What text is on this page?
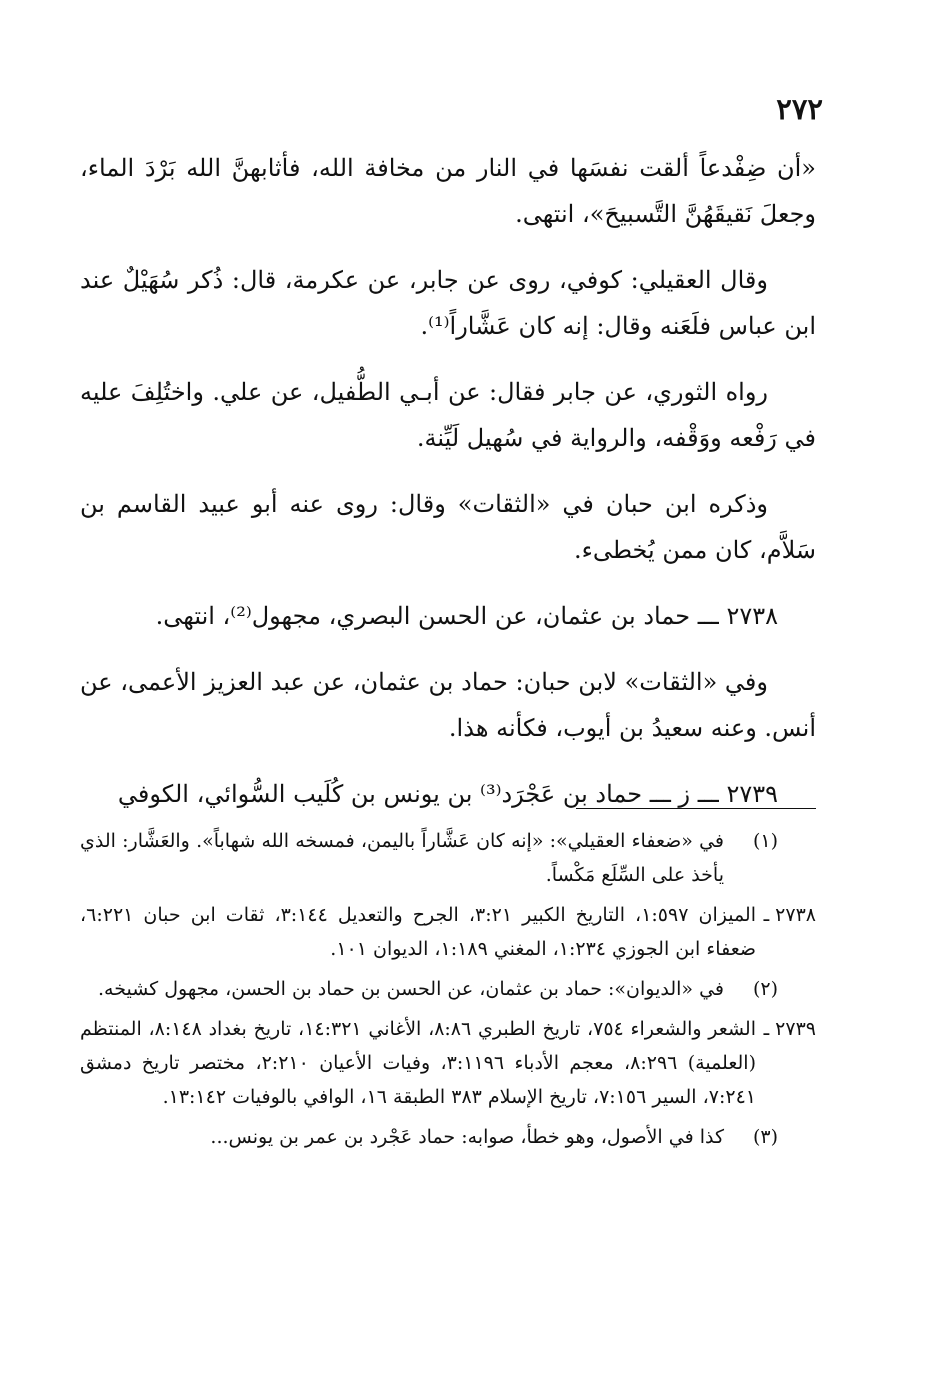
٢٧٢

«أن ضِفْدعاً ألقت نفسَها في النار من مخافة الله، فأثابهنَّ الله بَرْدَ الماء، وجعلَ نَقيقَهُنَّ التَّسبيحَ»، انتهى.

وقال العقيلي: كوفي، روى عن جابر، عن عكرمة، قال: ذُكر سُهَيْلٌ عند ابن عباس فلَعَنه وقال: إنه كان عَشَّاراً⁽¹⁾.

رواه الثوري، عن جابر فقال: عن أبـي الطُّفيل، عن علي. واختُلِفَ عليه في رَفْعه ووَقْفه، والرواية في سُهيل لَيِّنة.

وذكره ابن حبان في «الثقات» وقال: روى عنه أبو عبيد القاسم بن سَلاَّم، كان ممن يُخطىء.

٢٧٣٨ ـــ حماد بن عثمان، عن الحسن البصري، مجهول⁽²⁾، انتهى.

وفي «الثقات» لابن حبان: حماد بن عثمان، عن عبد العزيز الأعمى، عن أنس. وعنه سعيدُ بن أيوب، فكأنه هذا.

٢٧٣٩ ـــ ز ـــ حماد بن عَجْرَد⁽³⁾ بن يونس بن كُلَيب السُّوائي، الكوفي

(١)
في «ضعفاء العقيلي»: «إنه كان عَشَّاراً باليمن، فمسخه الله شهاباً». والعَشَّار: الذي يأخذ على السِّلَع مَكْساً.
٢٧٣٨ ـ
الميزان ١:٥٩٧، التاريخ الكبير ٣:٢١، الجرح والتعديل ٣:١٤٤، ثقات ابن حبان ٦:٢٢١، ضعفاء ابن الجوزي ١:٢٣٤، المغني ١:١٨٩، الديوان ١٠١.
(٢)
في «الديوان»: حماد بن عثمان، عن الحسن بن حماد بن الحسن، مجهول كشيخه.
٢٧٣٩ ـ
الشعر والشعراء ٧٥٤، تاريخ الطبري ٨:٨٦، الأغاني ١٤:٣٢١، تاريخ بغداد ٨:١٤٨، المنتظم (العلمية) ٨:٢٩٦، معجم الأدباء ٣:١١٩٦، وفيات الأعيان ٢:٢١٠، مختصر تاريخ دمشق ٧:٢٤١، السير ٧:١٥٦، تاريخ الإسلام ٣٨٣ الطبقة ١٦، الوافي بالوفيات ١٣:١٤٢.
(٣)
كذا في الأصول، وهو خطأ، صوابه: حماد عَجْرد بن عمر بن يونس...
